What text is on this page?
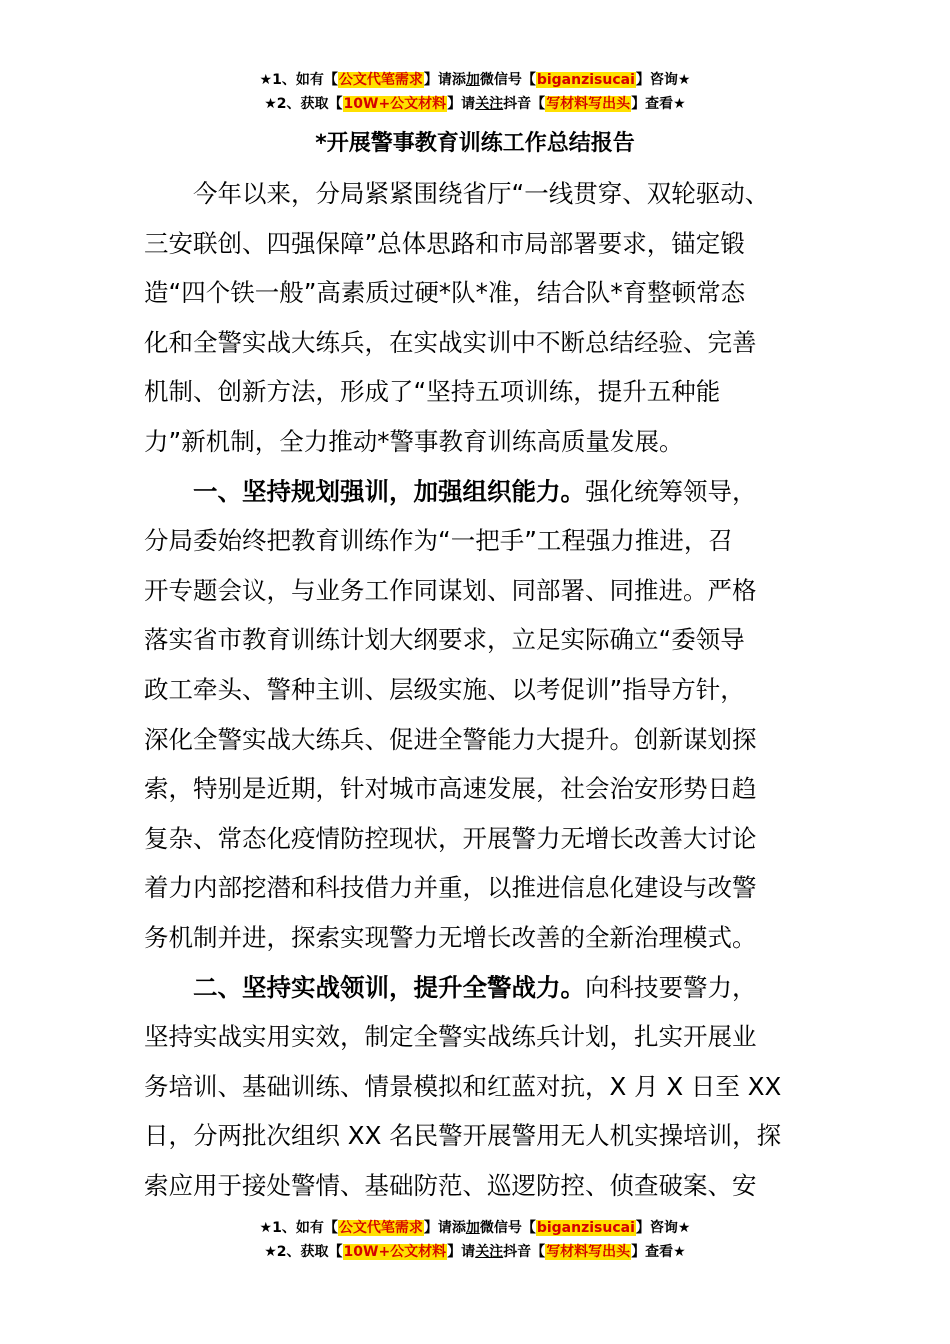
★1、如有【公文代笔需求】请添加微信号【biganzisucai】咨询★
★2、获取【10W+公文材料】请关注抖音【写材料写出头】查看★
*开展警事教育训练工作总结报告
今年以来，分局紧紧围绕省厅“一线贯穿、双轮驱动、
三安联创、四强保障”总体思路和市局部署要求，锚定锻
造“四个铁一般”高素质过硬*队*准，结合队*育整顿常态
化和全警实战大练兵，在实战实训中不断总结经验、完善
机制、创新方法，形成了“坚持五项训练，提升五种能
力”新机制，全力推动*警事教育训练高质量发展。
一、坚持规划强训，加强组织能力。强化统筹领导，
分局委始终把教育训练作为“一把手”工程强力推进，召
开专题会议，与业务工作同谋划、同部署、同推进。严格
落实省市教育训练计划大纲要求，立足实际确立“委领导
政工牵头、警种主训、层级实施、以考促训”指导方针，
深化全警实战大练兵、促进全警能力大提升。创新谋划探
索，特别是近期，针对城市高速发展，社会治安形势日趋
复杂、常态化疫情防控现状，开展警力无增长改善大讨论
着力内部挖潜和科技借力并重，以推进信息化建设与改警
务机制并进，探索实现警力无增长改善的全新治理模式。
二、坚持实战领训，提升全警战力。向科技要警力，
坚持实战实用实效，制定全警实战练兵计划，扎实开展业
务培训、基础训练、情景模拟和红蓝对抗，X 月 X 日至 XX
日，分两批次组织 XX 名民警开展警用无人机实操培训，探
索应用于接处警情、基础防范、巡逻防控、侦查破案、安
★1、如有【公文代笔需求】请添加微信号【biganzisucai】咨询★
★2、获取【10W+公文材料】请关注抖音【写材料写出头】查看★
